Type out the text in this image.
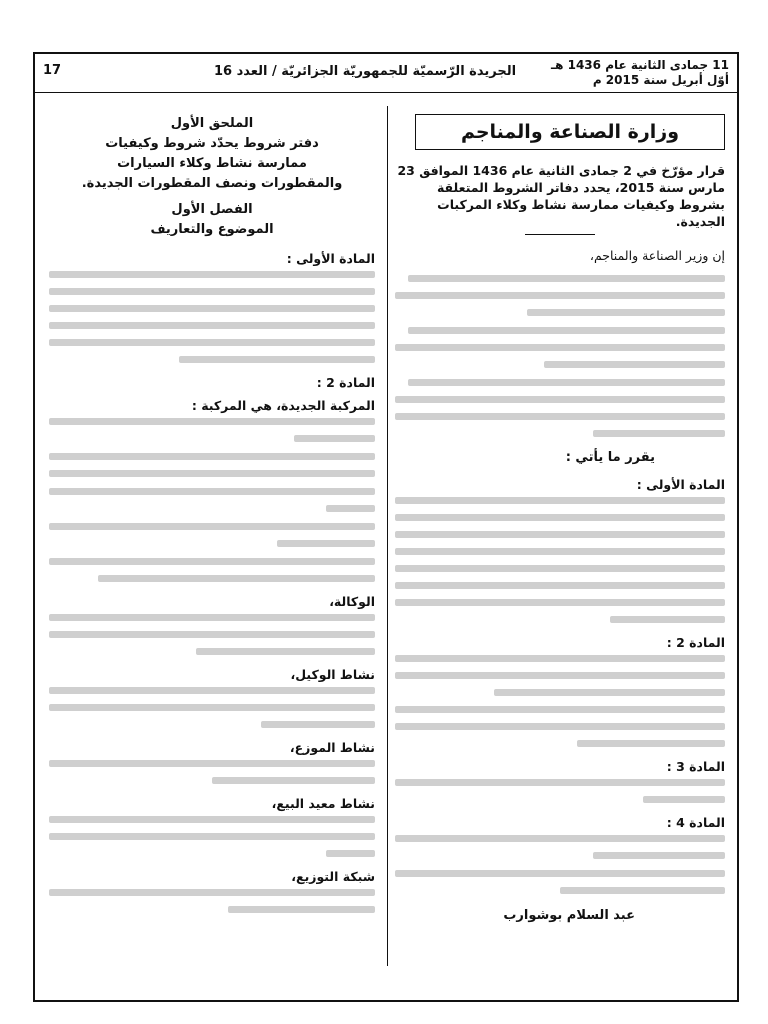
11 جمادى الثانية عام 1436 هـ
أوّل أبريل سنة 2015 م
الجريدة الرّسميّة للجمهوريّة الجزائريّة / العدد 16
17
وزارة الصناعة والمناجم
قرار مؤرّخ في 2 جمادى الثانية عام 1436 الموافق 23 مارس سنة 2015، يحدد دفاتر الشروط المتعلقة بشروط وكيفيات ممارسة نشاط وكلاء المركبات الجديدة.
إن وزير الصناعة والمناجم،
يقرر ما يأتي :
المادة الأولى :
المادة 2 :
المادة 3 :
المادة 4 :
عبد السلام بوشوارب
الملحق الأول
دفتر شروط يحدّد شروط وكيفيات
ممارسة نشاط وكلاء السيارات
والمقطورات ونصف المقطورات الجديدة.
الفصل الأول
الموضوع والتعاريف
المادة الأولى :
المادة 2 :
المركبة الجديدة، هي المركبة :
الوكالة،
نشاط الوكيل،
نشاط الموزع،
نشاط معيد البيع،
شبكة التوزيع،
